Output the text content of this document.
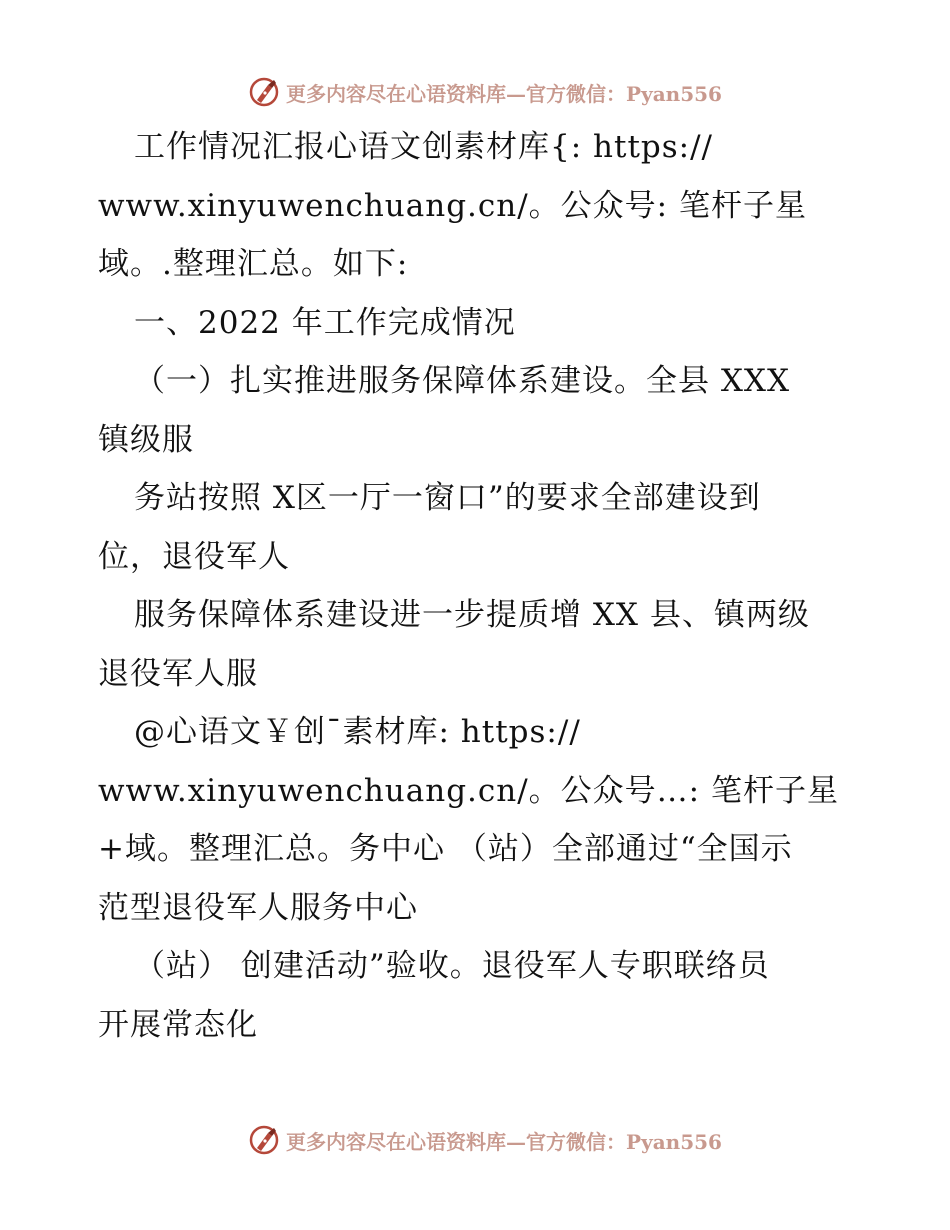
更多内容尽在心语资料库—官方微信：Pyan556
工作情况汇报心语文创素材库{: https://
www.xinyuwenchuang.cn/。公众号: 笔杆子星
域。.整理汇总。如下:
一、2022 年工作完成情况
（一）扎实推进服务保障体系建设。全县 XXX
镇级服
务站按照 X区一厅一窗口”的要求全部建设到
位，退役军人
服务保障体系建设进一步提质增 XX 县、镇两级
退役军人服
@心语文￥创¯素材库: https://
www.xinyuwenchuang.cn/。公众号…: 笔杆子星
+域。整理汇总。务中心 （站）全部通过“全国示
范型退役军人服务中心
（站） 创建活动”验收。退役军人专职联络员
开展常态化
更多内容尽在心语资料库—官方微信：Pyan556
